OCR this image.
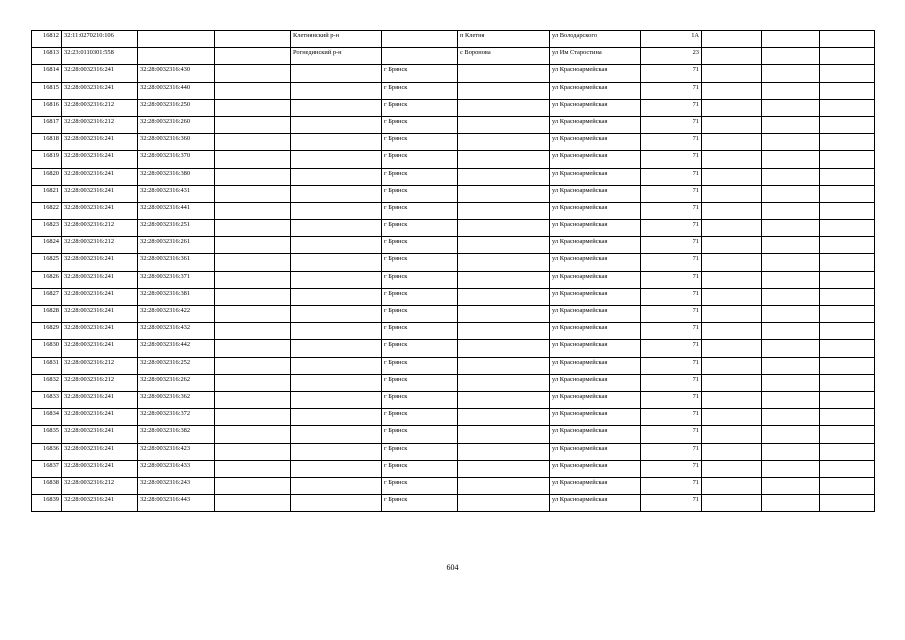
16812	32:11:0270210:106			Клетнянский р-н		п Клетня	ул Володарского	1А			
16813	32:23:0110301:558			Рогнединский р-н		с Воронова	ул Им Старостина	23			
16814	32:28:0032316:241	32:28:0032316:430			г Брянск		ул Красноармейская	71			
16815	32:28:0032316:241	32:28:0032316:440			г Брянск		ул Красноармейская	71			
16816	32:28:0032316:212	32:28:0032316:250			г Брянск		ул Красноармейская	71			
16817	32:28:0032316:212	32:28:0032316:260			г Брянск		ул Красноармейская	71			
16818	32:28:0032316:241	32:28:0032316:360			г Брянск		ул Красноармейская	71			
16819	32:28:0032316:241	32:28:0032316:370			г Брянск		ул Красноармейская	71			
16820	32:28:0032316:241	32:28:0032316:380			г Брянск		ул Красноармейская	71			
16821	32:28:0032316:241	32:28:0032316:431			г Брянск		ул Красноармейская	71			
16822	32:28:0032316:241	32:28:0032316:441			г Брянск		ул Красноармейская	71			
16823	32:28:0032316:212	32:28:0032316:251			г Брянск		ул Красноармейская	71			
16824	32:28:0032316:212	32:28:0032316:261			г Брянск		ул Красноармейская	71			
16825	32:28:0032316:241	32:28:0032316:361			г Брянск		ул Красноармейская	71			
16826	32:28:0032316:241	32:28:0032316:371			г Брянск		ул Красноармейская	71			
16827	32:28:0032316:241	32:28:0032316:381			г Брянск		ул Красноармейская	71			
16828	32:28:0032316:241	32:28:0032316:422			г Брянск		ул Красноармейская	71			
16829	32:28:0032316:241	32:28:0032316:432			г Брянск		ул Красноармейская	71			
16830	32:28:0032316:241	32:28:0032316:442			г Брянск		ул Красноармейская	71			
16831	32:28:0032316:212	32:28:0032316:252			г Брянск		ул Красноармейская	71			
16832	32:28:0032316:212	32:28:0032316:262			г Брянск		ул Красноармейская	71			
16833	32:28:0032316:241	32:28:0032316:362			г Брянск		ул Красноармейская	71			
16834	32:28:0032316:241	32:28:0032316:372			г Брянск		ул Красноармейская	71			
16835	32:28:0032316:241	32:28:0032316:382			г Брянск		ул Красноармейская	71			
16836	32:28:0032316:241	32:28:0032316:423			г Брянск		ул Красноармейская	71			
16837	32:28:0032316:241	32:28:0032316:433			г Брянск		ул Красноармейская	71			
16838	32:28:0032316:212	32:28:0032316:243			г Брянск		ул Красноармейская	71			
16839	32:28:0032316:241	32:28:0032316:443			г Брянск		ул Красноармейская	71			
604
